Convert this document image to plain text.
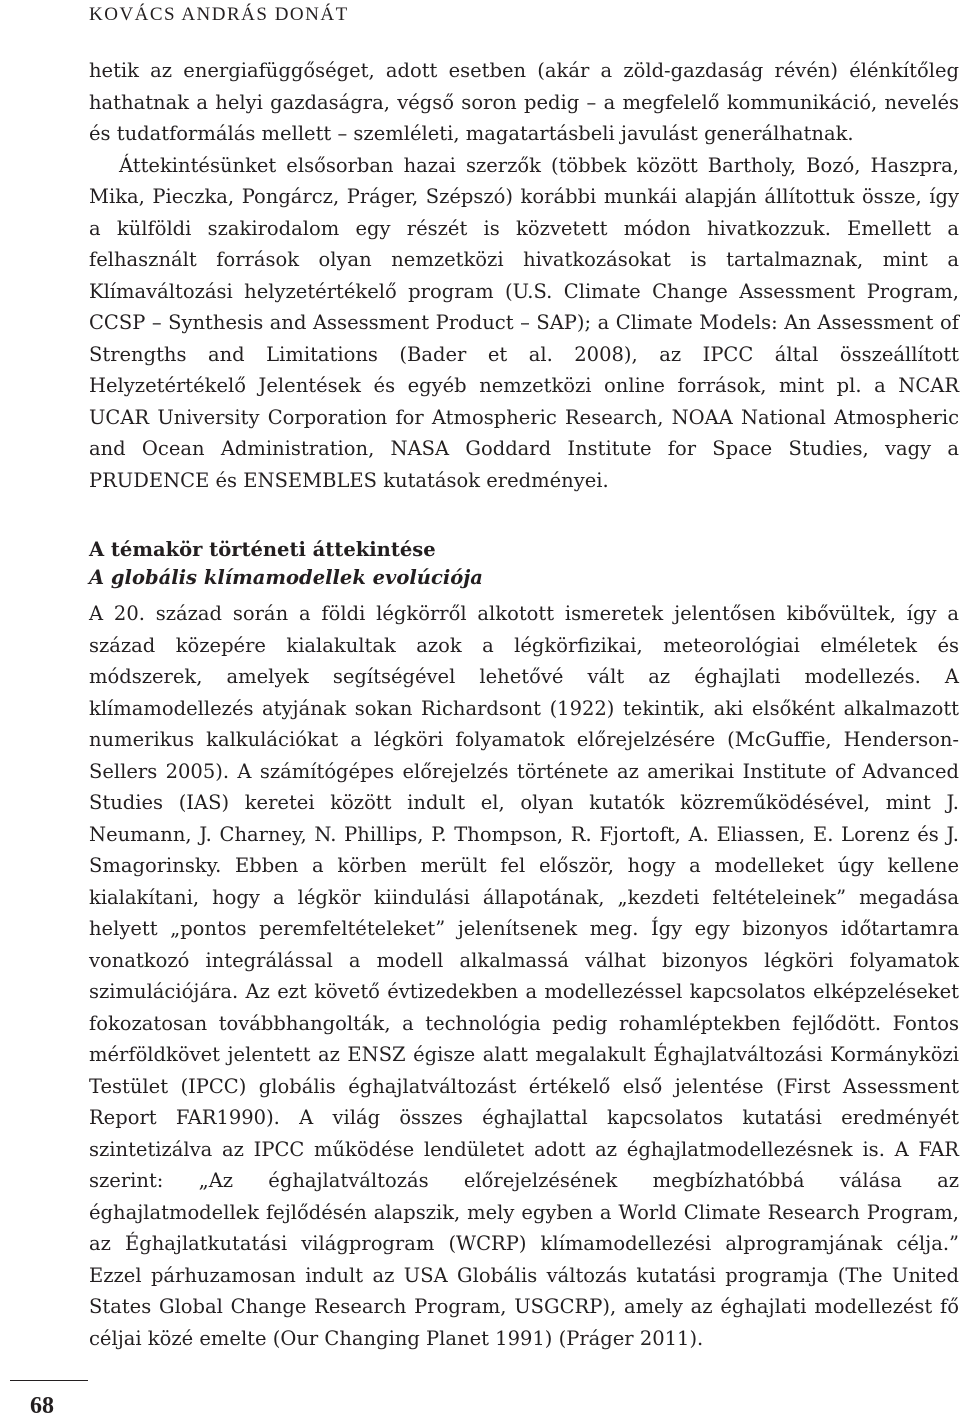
KOVÁCS ANDRÁS DONÁT

hetik az energiafüggőséget, adott esetben (akár a zöld-gazdaság révén) élénkítőleg hathatnak a helyi gazdaságra, végső soron pedig – a megfelelő kommunikáció, nevelés és tudatformálás mellett – szemléleti, magatartásbeli javulást generálhatnak.

Áttekintésünket elsősorban hazai szerzők (többek között Bartholy, Bozó, Haszpra, Mika, Pieczka, Pongárcz, Práger, Szépszó) korábbi munkái alapján állítottuk össze, így a külföldi szakirodalom egy részét is közvetett módon hivatkozzuk. Emellett a felhasznált források olyan nemzetközi hivatkozásokat is tartalmaznak, mint a Klímaváltozási helyzetértékelő program (U.S. Climate Change Assessment Program, CCSP – Synthesis and Assessment Product – SAP); a Climate Models: An Assessment of Strengths and Limitations (Bader et al. 2008), az IPCC által összeállított Helyzetértékelő Jelentések és egyéb nemzetközi online források, mint pl. a NCAR UCAR University Corporation for Atmospheric Research, NOAA National Atmospheric and Ocean Administration, NASA Goddard Institute for Space Studies, vagy a PRUDENCE és ENSEMBLES kutatások eredményei.

A témakör történeti áttekintése

A globális klímamodellek evolúciója

A 20. század során a földi légkörről alkotott ismeretek jelentősen kibővültek, így a század közepére kialakultak azok a légkörfizikai, meteorológiai elméletek és módszerek, amelyek segítségével lehetővé vált az éghajlati modellezés. A klímamodellezés atyjának sokan Richardsont (1922) tekintik, aki elsőként alkalmazott numerikus kalkulációkat a légköri folyamatok előrejelzésére (McGuffie, Henderson-Sellers 2005). A számítógépes előrejelzés története az amerikai Institute of Advanced Studies (IAS) keretei között indult el, olyan kutatók közreműködésével, mint J. Neumann, J. Charney, N. Phillips, P. Thompson, R. Fjortoft, A. Eliassen, E. Lorenz és J. Smagorinsky. Ebben a körben merült fel először, hogy a modelleket úgy kellene kialakítani, hogy a légkör kiindulási állapotának, „kezdeti feltételeinek” megadása helyett „pontos peremfeltételeket” jelenítsenek meg. Így egy bizonyos időtartamra vonatkozó integrálással a modell alkalmassá válhat bizonyos légköri folyamatok szimulációjára. Az ezt követő évtizedekben a modellezéssel kapcsolatos elképzeléseket fokozatosan továbbhangolták, a technológia pedig rohamléptekben fejlődött. Fontos mérföldkövet jelentett az ENSZ égisze alatt megalakult Éghajlatváltozási Kormányközi Testület (IPCC) globális éghajlatváltozást értékelő első jelentése (First Assessment Report FAR1990). A világ összes éghajlattal kapcsolatos kutatási eredményét szintetizálva az IPCC működése lendületet adott az éghajlatmodellezésnek is. A FAR szerint: „Az éghajlatváltozás előrejelzésének megbízhatóbbá válása az éghajlatmodellek fejlődésén alapszik, mely egyben a World Climate Research Program, az Éghajlatkutatási világprogram (WCRP) klímamodellezési alprogramjának célja.” Ezzel párhuzamosan indult az USA Globális változás kutatási programja (The United States Global Change Research Program, USGCRP), amely az éghajlati modellezést fő céljai közé emelte (Our Changing Planet 1991) (Práger 2011).

68
